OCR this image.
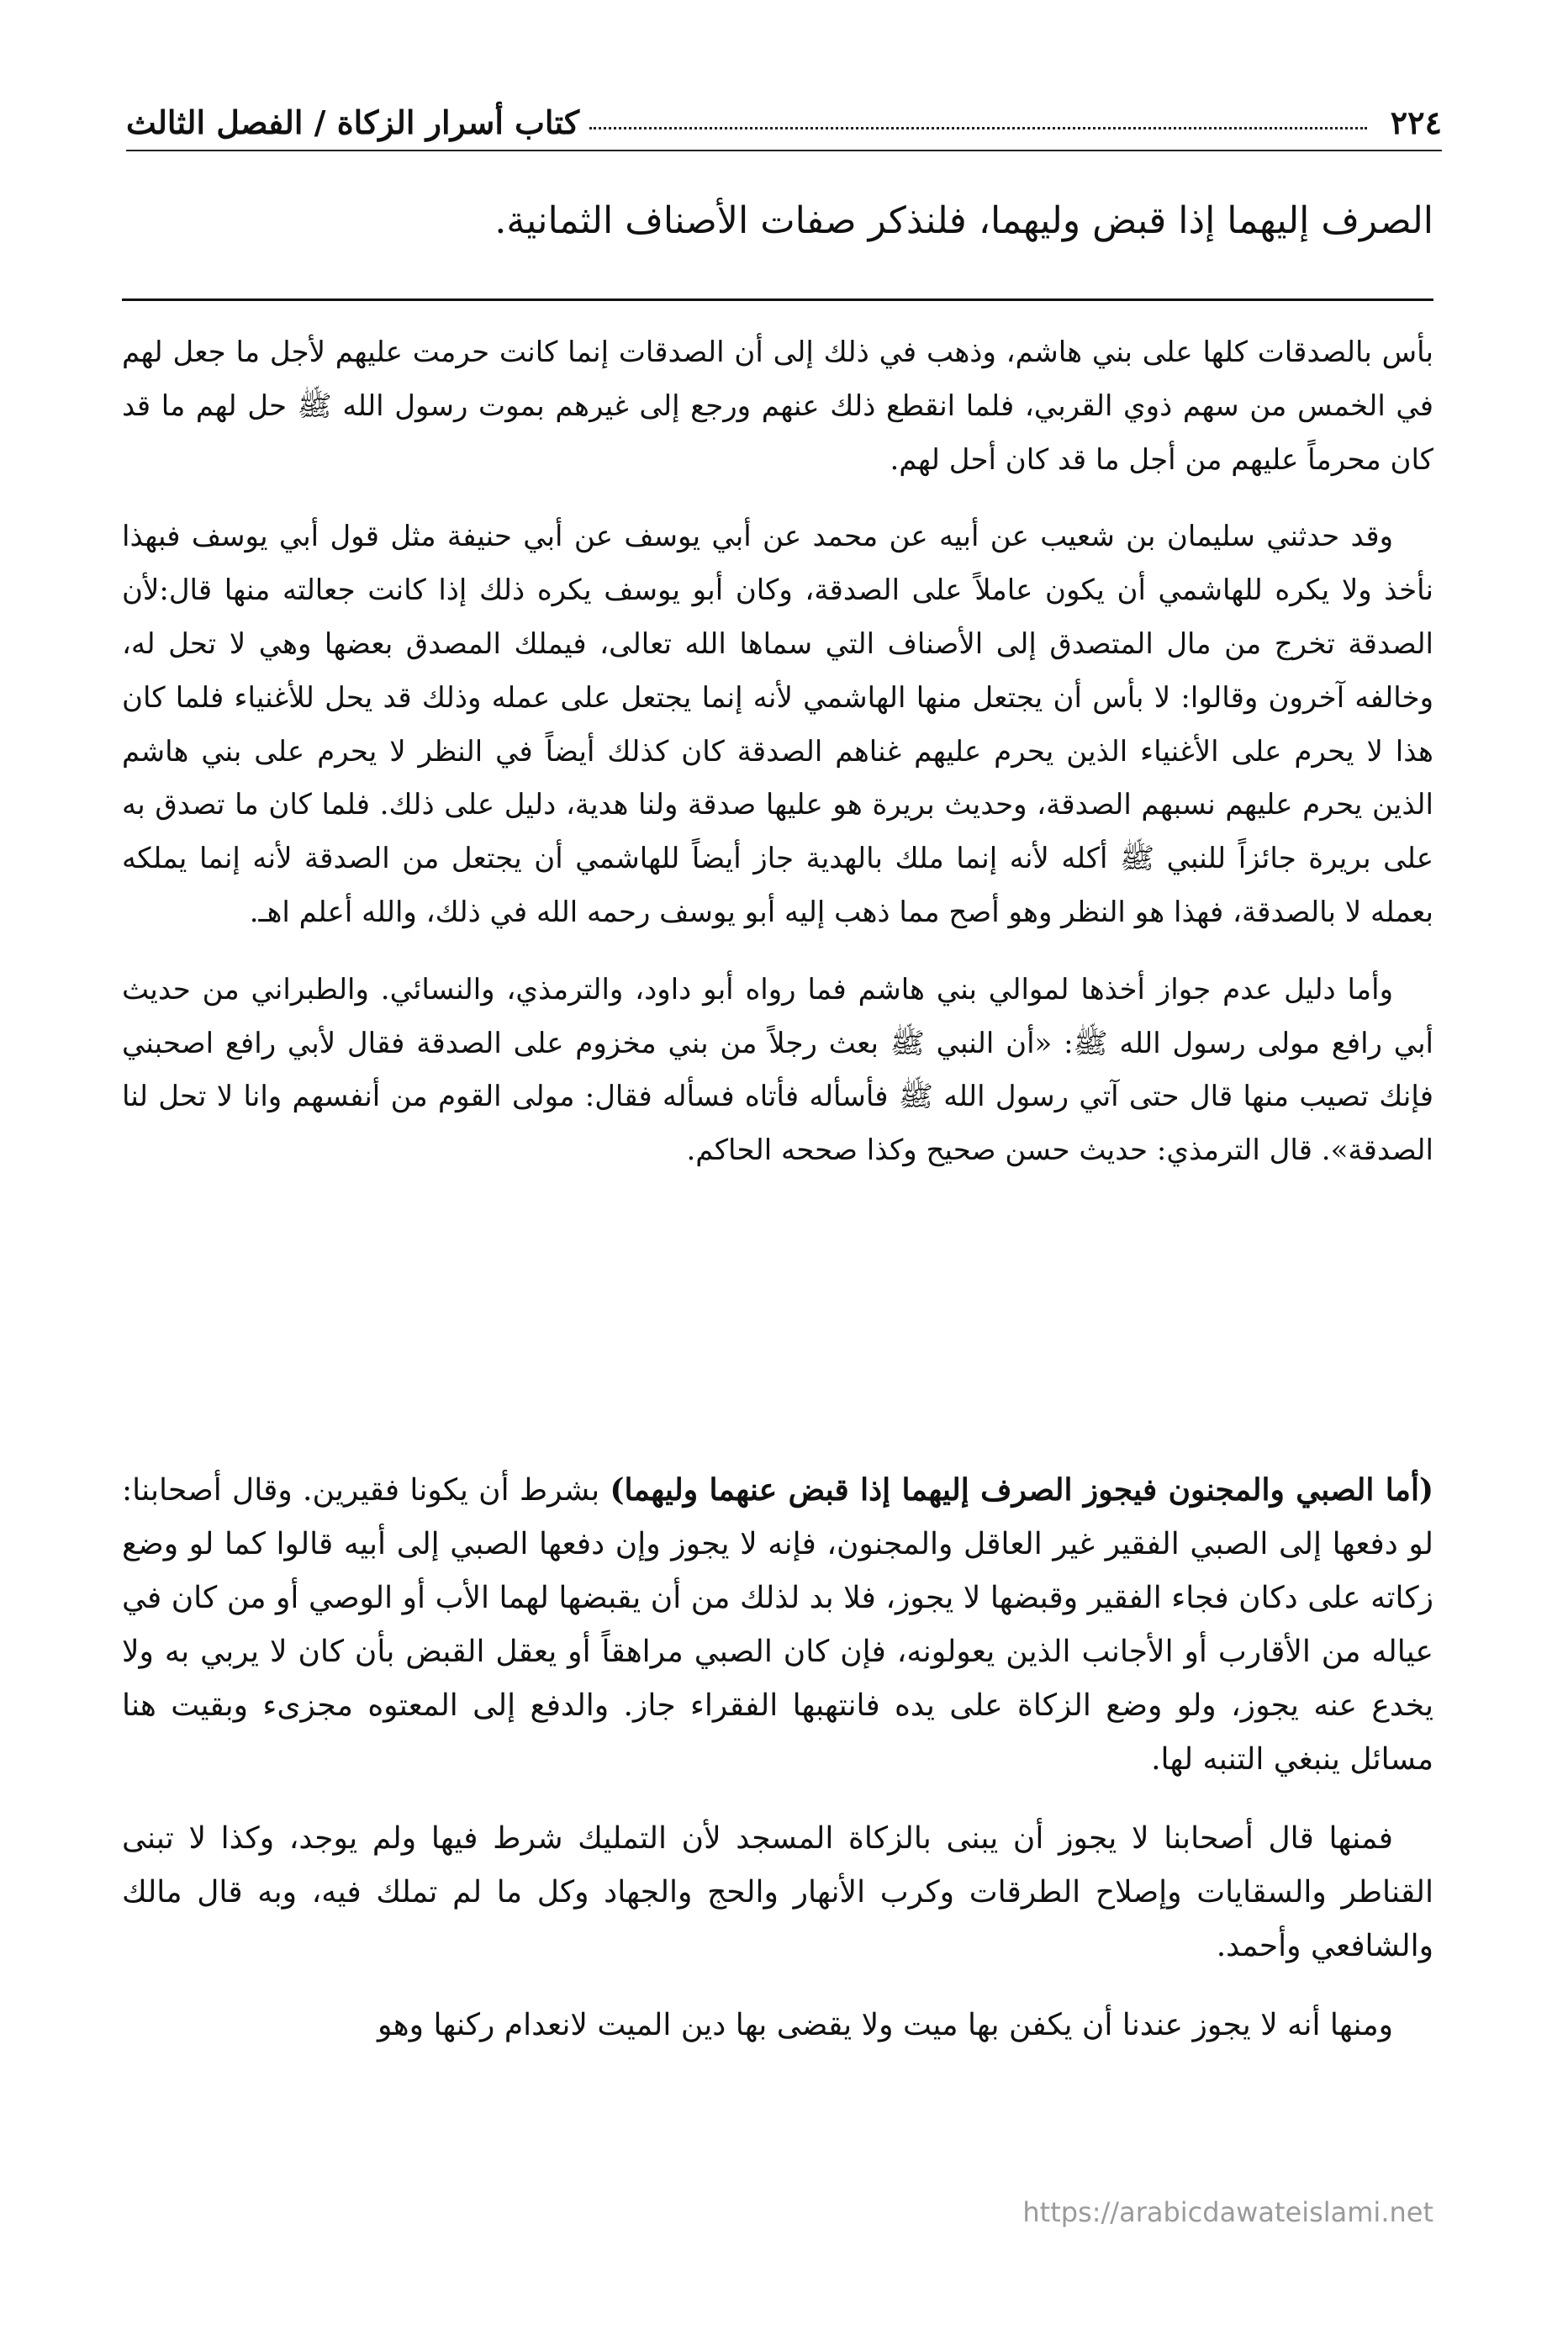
٢٢٤
كتاب أسرار الزكاة / الفصل الثالث
الصرف إليهما إذا قبض وليهما، فلنذكر صفات الأصناف الثمانية.

بأس بالصدقات كلها على بني هاشم، وذهب في ذلك إلى أن الصدقات إنما كانت حرمت عليهم لأجل ما جعل لهم في الخمس من سهم ذوي القربي، فلما انقطع ذلك عنهم ورجع إلى غيرهم بموت رسول الله ﷺ حل لهم ما قد كان محرماً عليهم من أجل ما قد كان أحل لهم.

وقد حدثني سليمان بن شعيب عن أبيه عن محمد عن أبي يوسف عن أبي حنيفة مثل قول أبي يوسف فبهذا نأخذ ولا يكره للهاشمي أن يكون عاملاً على الصدقة، وكان أبو يوسف يكره ذلك إذا كانت جعالته منها قال:لأن الصدقة تخرج من مال المتصدق إلى الأصناف التي سماها الله تعالى، فيملك المصدق بعضها وهي لا تحل له، وخالفه آخرون وقالوا: لا بأس أن يجتعل منها الهاشمي لأنه إنما يجتعل على عمله وذلك قد يحل للأغنياء فلما كان هذا لا يحرم على الأغنياء الذين يحرم عليهم غناهم الصدقة كان كذلك أيضاً في النظر لا يحرم على بني هاشم الذين يحرم عليهم نسبهم الصدقة، وحديث بريرة هو عليها صدقة ولنا هدية، دليل على ذلك. فلما كان ما تصدق به على بريرة جائزاً للنبي ﷺ أكله لأنه إنما ملك بالهدية جاز أيضاً للهاشمي أن يجتعل من الصدقة لأنه إنما يملكه بعمله لا بالصدقة، فهذا هو النظر وهو أصح مما ذهب إليه أبو يوسف رحمه الله في ذلك، والله أعلم اهـ.

وأما دليل عدم جواز أخذها لموالي بني هاشم فما رواه أبو داود، والترمذي، والنسائي. والطبراني من حديث أبي رافع مولى رسول الله ﷺ: «أن النبي ﷺ بعث رجلاً من بني مخزوم على الصدقة فقال لأبي رافع اصحبني فإنك تصيب منها قال حتى آتي رسول الله ﷺ فأسأله فأتاه فسأله فقال: مولى القوم من أنفسهم وانا لا تحل لنا الصدقة». قال الترمذي: حديث حسن صحيح وكذا صححه الحاكم.

(أما الصبي والمجنون فيجوز الصرف إليهما إذا قبض عنهما وليهما) بشرط أن يكونا فقيرين. وقال أصحابنا: لو دفعها إلى الصبي الفقير غير العاقل والمجنون، فإنه لا يجوز وإن دفعها الصبي إلى أبيه قالوا كما لو وضع زكاته على دكان فجاء الفقير وقبضها لا يجوز، فلا بد لذلك من أن يقبضها لهما الأب أو الوصي أو من كان في عياله من الأقارب أو الأجانب الذين يعولونه، فإن كان الصبي مراهقاً أو يعقل القبض بأن كان لا يربي به ولا يخدع عنه يجوز، ولو وضع الزكاة على يده فانتهبها الفقراء جاز. والدفع إلى المعتوه مجزىء وبقيت هنا مسائل ينبغي التنبه لها.

فمنها قال أصحابنا لا يجوز أن يبنى بالزكاة المسجد لأن التمليك شرط فيها ولم يوجد، وكذا لا تبنى القناطر والسقايات وإصلاح الطرقات وكرب الأنهار والحج والجهاد وكل ما لم تملك فيه، وبه قال مالك والشافعي وأحمد.

ومنها أنه لا يجوز عندنا أن يكفن بها ميت ولا يقضى بها دين الميت لانعدام ركنها وهو

https://arabicdawateislami.net
